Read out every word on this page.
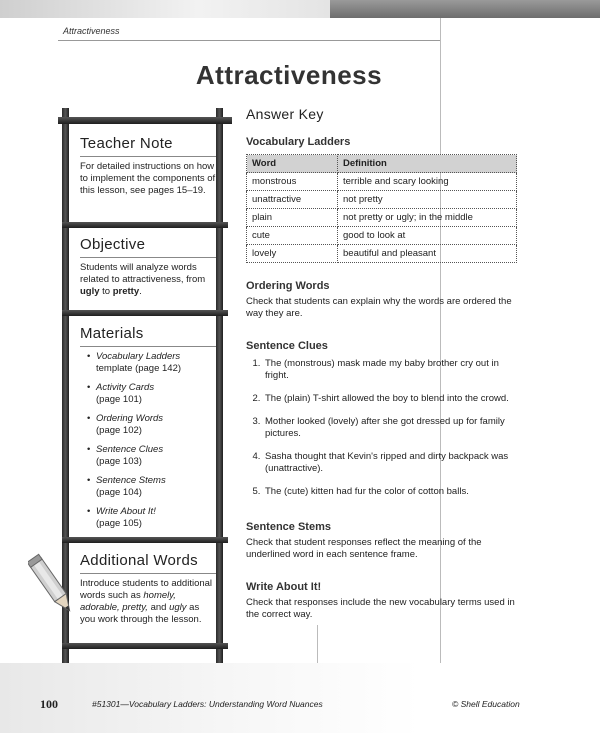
Attractiveness
Attractiveness
Teacher Note

For detailed instructions on how to implement the components of this lesson, see pages 15–19.

Objective

Students will analyze words related to attractiveness, from ugly to pretty.

Materials
• Vocabulary Ladders
template (page 142)
• Activity Cards
(page 101)
• Ordering Words
(page 102)
• Sentence Clues
(page 103)
• Sentence Stems
(page 104)
• Write About It!
(page 105)
Additional Words

Introduce students to additional words such as homely, adorable, pretty, and ugly as you work through the lesson.

Answer Key

Vocabulary Ladders

Word	Definition
monstrous	terrible and scary looking
unattractive	not pretty
plain	not pretty or ugly; in the middle
cute	good to look at
lovely	beautiful and pleasant

Ordering Words

Check that students can explain why the words are ordered the way they are.

Sentence Clues

1. The (monstrous) mask made my baby brother cry out in fright.
2. The (plain) T-shirt allowed the boy to blend into the crowd.
3. Mother looked (lovely) after she got dressed up for family pictures.
4. Sasha thought that Kevin's ripped and dirty backpack was (unattractive).
5. The (cute) kitten had fur the color of cotton balls.

Sentence Stems

Check that student responses reflect the meaning of the underlined word in each sentence frame.

Write About It!

Check that responses include the new vocabulary terms used in the correct way.

100	#51301—Vocabulary Ladders: Understanding Word Nuances	© Shell Education
